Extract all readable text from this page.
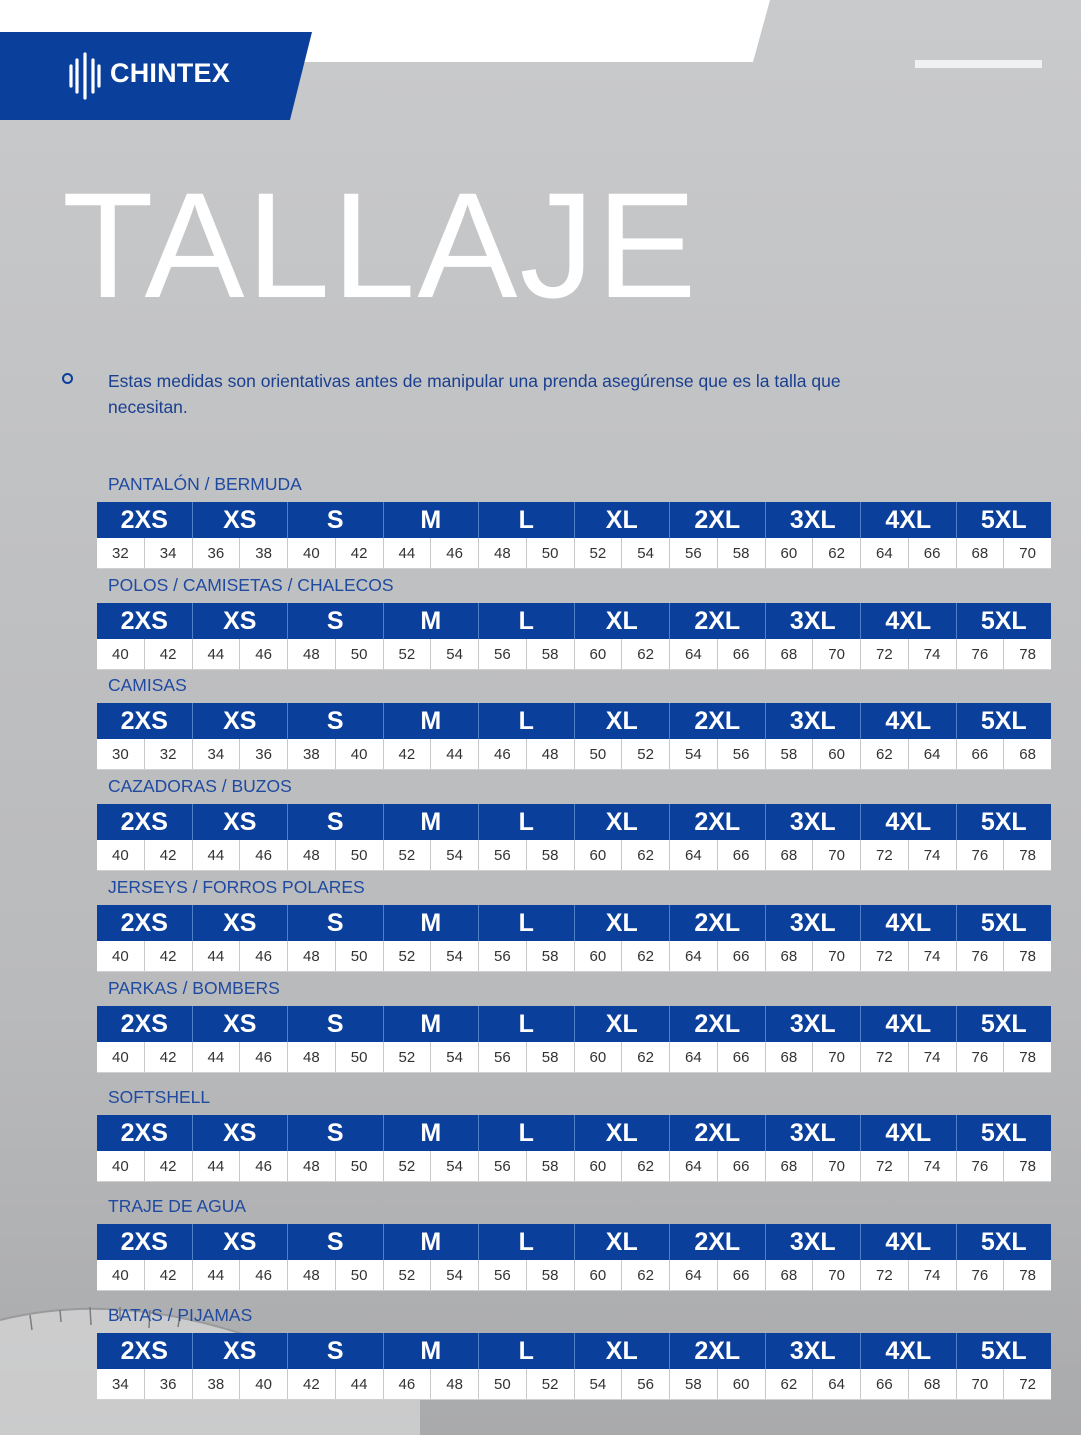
CHINTEX
TALLAJE
Estas medidas son orientativas antes de manipular una prenda asegúrense que es la talla que necesitan.
PANTALÓN / BERMUDA
2XS	XS	S	M	L	XL	2XL	3XL	4XL	5XL
32	34	36	38	40	42	44	46	48	50	52	54	56	58	60	62	64	66	68	70
POLOS / CAMISETAS / CHALECOS
2XS	XS	S	M	L	XL	2XL	3XL	4XL	5XL
40	42	44	46	48	50	52	54	56	58	60	62	64	66	68	70	72	74	76	78
CAMISAS
2XS	XS	S	M	L	XL	2XL	3XL	4XL	5XL
30	32	34	36	38	40	42	44	46	48	50	52	54	56	58	60	62	64	66	68
CAZADORAS / BUZOS
2XS	XS	S	M	L	XL	2XL	3XL	4XL	5XL
40	42	44	46	48	50	52	54	56	58	60	62	64	66	68	70	72	74	76	78
JERSEYS / FORROS POLARES
2XS	XS	S	M	L	XL	2XL	3XL	4XL	5XL
40	42	44	46	48	50	52	54	56	58	60	62	64	66	68	70	72	74	76	78
PARKAS / BOMBERS
2XS	XS	S	M	L	XL	2XL	3XL	4XL	5XL
40	42	44	46	48	50	52	54	56	58	60	62	64	66	68	70	72	74	76	78
SOFTSHELL
2XS	XS	S	M	L	XL	2XL	3XL	4XL	5XL
40	42	44	46	48	50	52	54	56	58	60	62	64	66	68	70	72	74	76	78
TRAJE DE AGUA
2XS	XS	S	M	L	XL	2XL	3XL	4XL	5XL
40	42	44	46	48	50	52	54	56	58	60	62	64	66	68	70	72	74	76	78
BATAS / PIJAMAS
2XS	XS	S	M	L	XL	2XL	3XL	4XL	5XL
34	36	38	40	42	44	46	48	50	52	54	56	58	60	62	64	66	68	70	72
